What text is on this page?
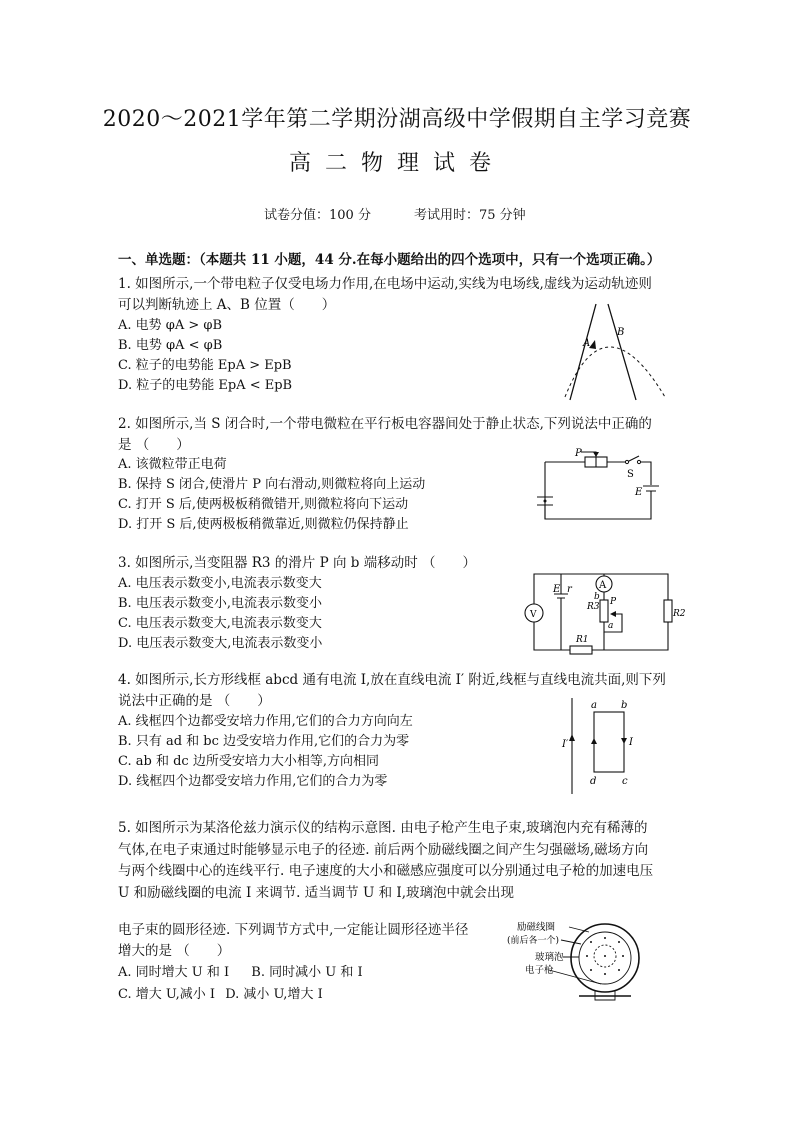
2020～2021学年第二学期汾湖高级中学假期自主学习竞赛
高二物理试卷
试卷分值：100 分	考试用时：75 分钟
一、单选题：（本题共 11 小题，44 分.在每小题给出的四个选项中，只有一个选项正确。）
1. 如图所示,一个带电粒子仅受电场力作用,在电场中运动,实线为电场线,虚线为运动轨迹则
可以判断轨迹上 A、B 位置（　　）
A. 电势 φA > φB
B. 电势 φA < φB
C. 粒子的电势能 EpA > EpB
D. 粒子的电势能 EpA < EpB
A
B
2. 如图所示,当 S 闭合时,一个带电微粒在平行板电容器间处于静止状态,下列说法中正确的
是 （　　）
A. 该微粒带正电荷
B. 保持 S 闭合,使滑片 P 向右滑动,则微粒将向上运动
C. 打开 S 后,使两极板稍微错开,则微粒将向下运动
D. 打开 S 后,使两极板稍微靠近,则微粒仍保持静止
P
S
E
3. 如图所示,当变阻器 R3 的滑片 P 向 b 端移动时 （　　）
A. 电压表示数变小,电流表示数变大
B. 电压表示数变小,电流表示数变小
C. 电压表示数变大,电流表示数变大
D. 电压表示数变大,电流表示数变小
A
V
E r
b
R3 P
a
R2
R1
4. 如图所示,长方形线框 abcd 通有电流 I,放在直线电流 I′ 附近,线框与直线电流共面,则下列
说法中正确的是 （　　）
A. 线框四个边都受安培力作用,它们的合力方向向左
B. 只有 ad 和 bc 边受安培力作用,它们的合力为零
C. ab 和 dc 边所受安培力大小相等,方向相同
D. 线框四个边都受安培力作用,它们的合力为零
a b
I′	I
d	c
5. 如图所示为某洛伦兹力演示仪的结构示意图. 由电子枪产生电子束,玻璃泡内充有稀薄的
气体,在电子束通过时能够显示电子的径迹. 前后两个励磁线圈之间产生匀强磁场,磁场方向
与两个线圈中心的连线平行. 电子速度的大小和磁感应强度可以分别通过电子枪的加速电压
U 和励磁线圈的电流 I 来调节. 适当调节 U 和 I,玻璃泡中就会出现
电子束的圆形径迹. 下列调节方式中,一定能让圆形径迹半径
增大的是 （　　）
A. 同时增大 U 和 I B. 同时减小 U 和 I
C. 增大 U,减小 I D. 减小 U,增大 I
励磁线圈
(前后各一个)
玻璃泡
电子枪
